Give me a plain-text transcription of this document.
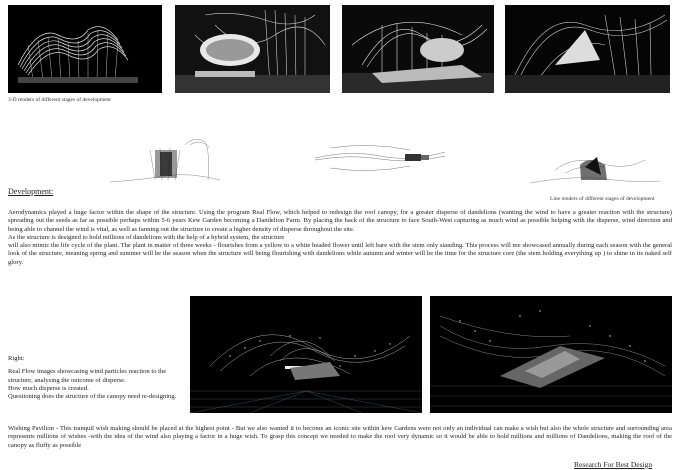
3-D renders of different stages of development
Line renders of different stages of development
Development:

Aerodynamics played a huge factor within the shape of the structure. Using the program Real Flow, which helped to redesign the roof canopy, for a greater disperse of dandelions (wanting the wind to have a greater reaction with the structure) spreading out the seeds as far as possible perhaps within 5-6 years Kew Garden becoming a Dandelion Farm. By placing the back of the structure to face South-West capturing as much wind as possible helping with the disperse, wind direction and being able to channel the wind is vital, as well as fanning out the structure to create a higher density of disperse throughout the site.

As the structure is designed to hold millions of dandelions with the help of a hybrid system, the structure

will also mimic the life cycle of the plant. The plant in matter of three weeks - flourishes from a yellow to a white headed flower until left bare with the stem only standing. This process will me showcased annually during each season with the general look of the structure, meaning spring and summer will be the season when the structure will being flourishing with dandelions while autumn and winter will be the time for the structure core (the stem holding everything up ) to shine in its naked self glory.

Right:

Real Flow images showcasing wind particles reaction to the structure, analysing the outcome of disperse.

How much disperse is created.

Questioning does the structure of the canopy need re-designing.

Wishing Pavilion - This tranquil wish making should be placed at the highest point - But we also wanted it to become an iconic site within kew Gardens were not only an individual can make a wish but also the whole structure and surrounding area represents millions of wishes -with the idea of the wind also playing a factor in a huge wish. To grasp this concept we needed to make the roof very dynamic so it would be able to hold millions and millions of Dandelions, making the roof of the canopy as fluffy as possible
Research For Best Design
